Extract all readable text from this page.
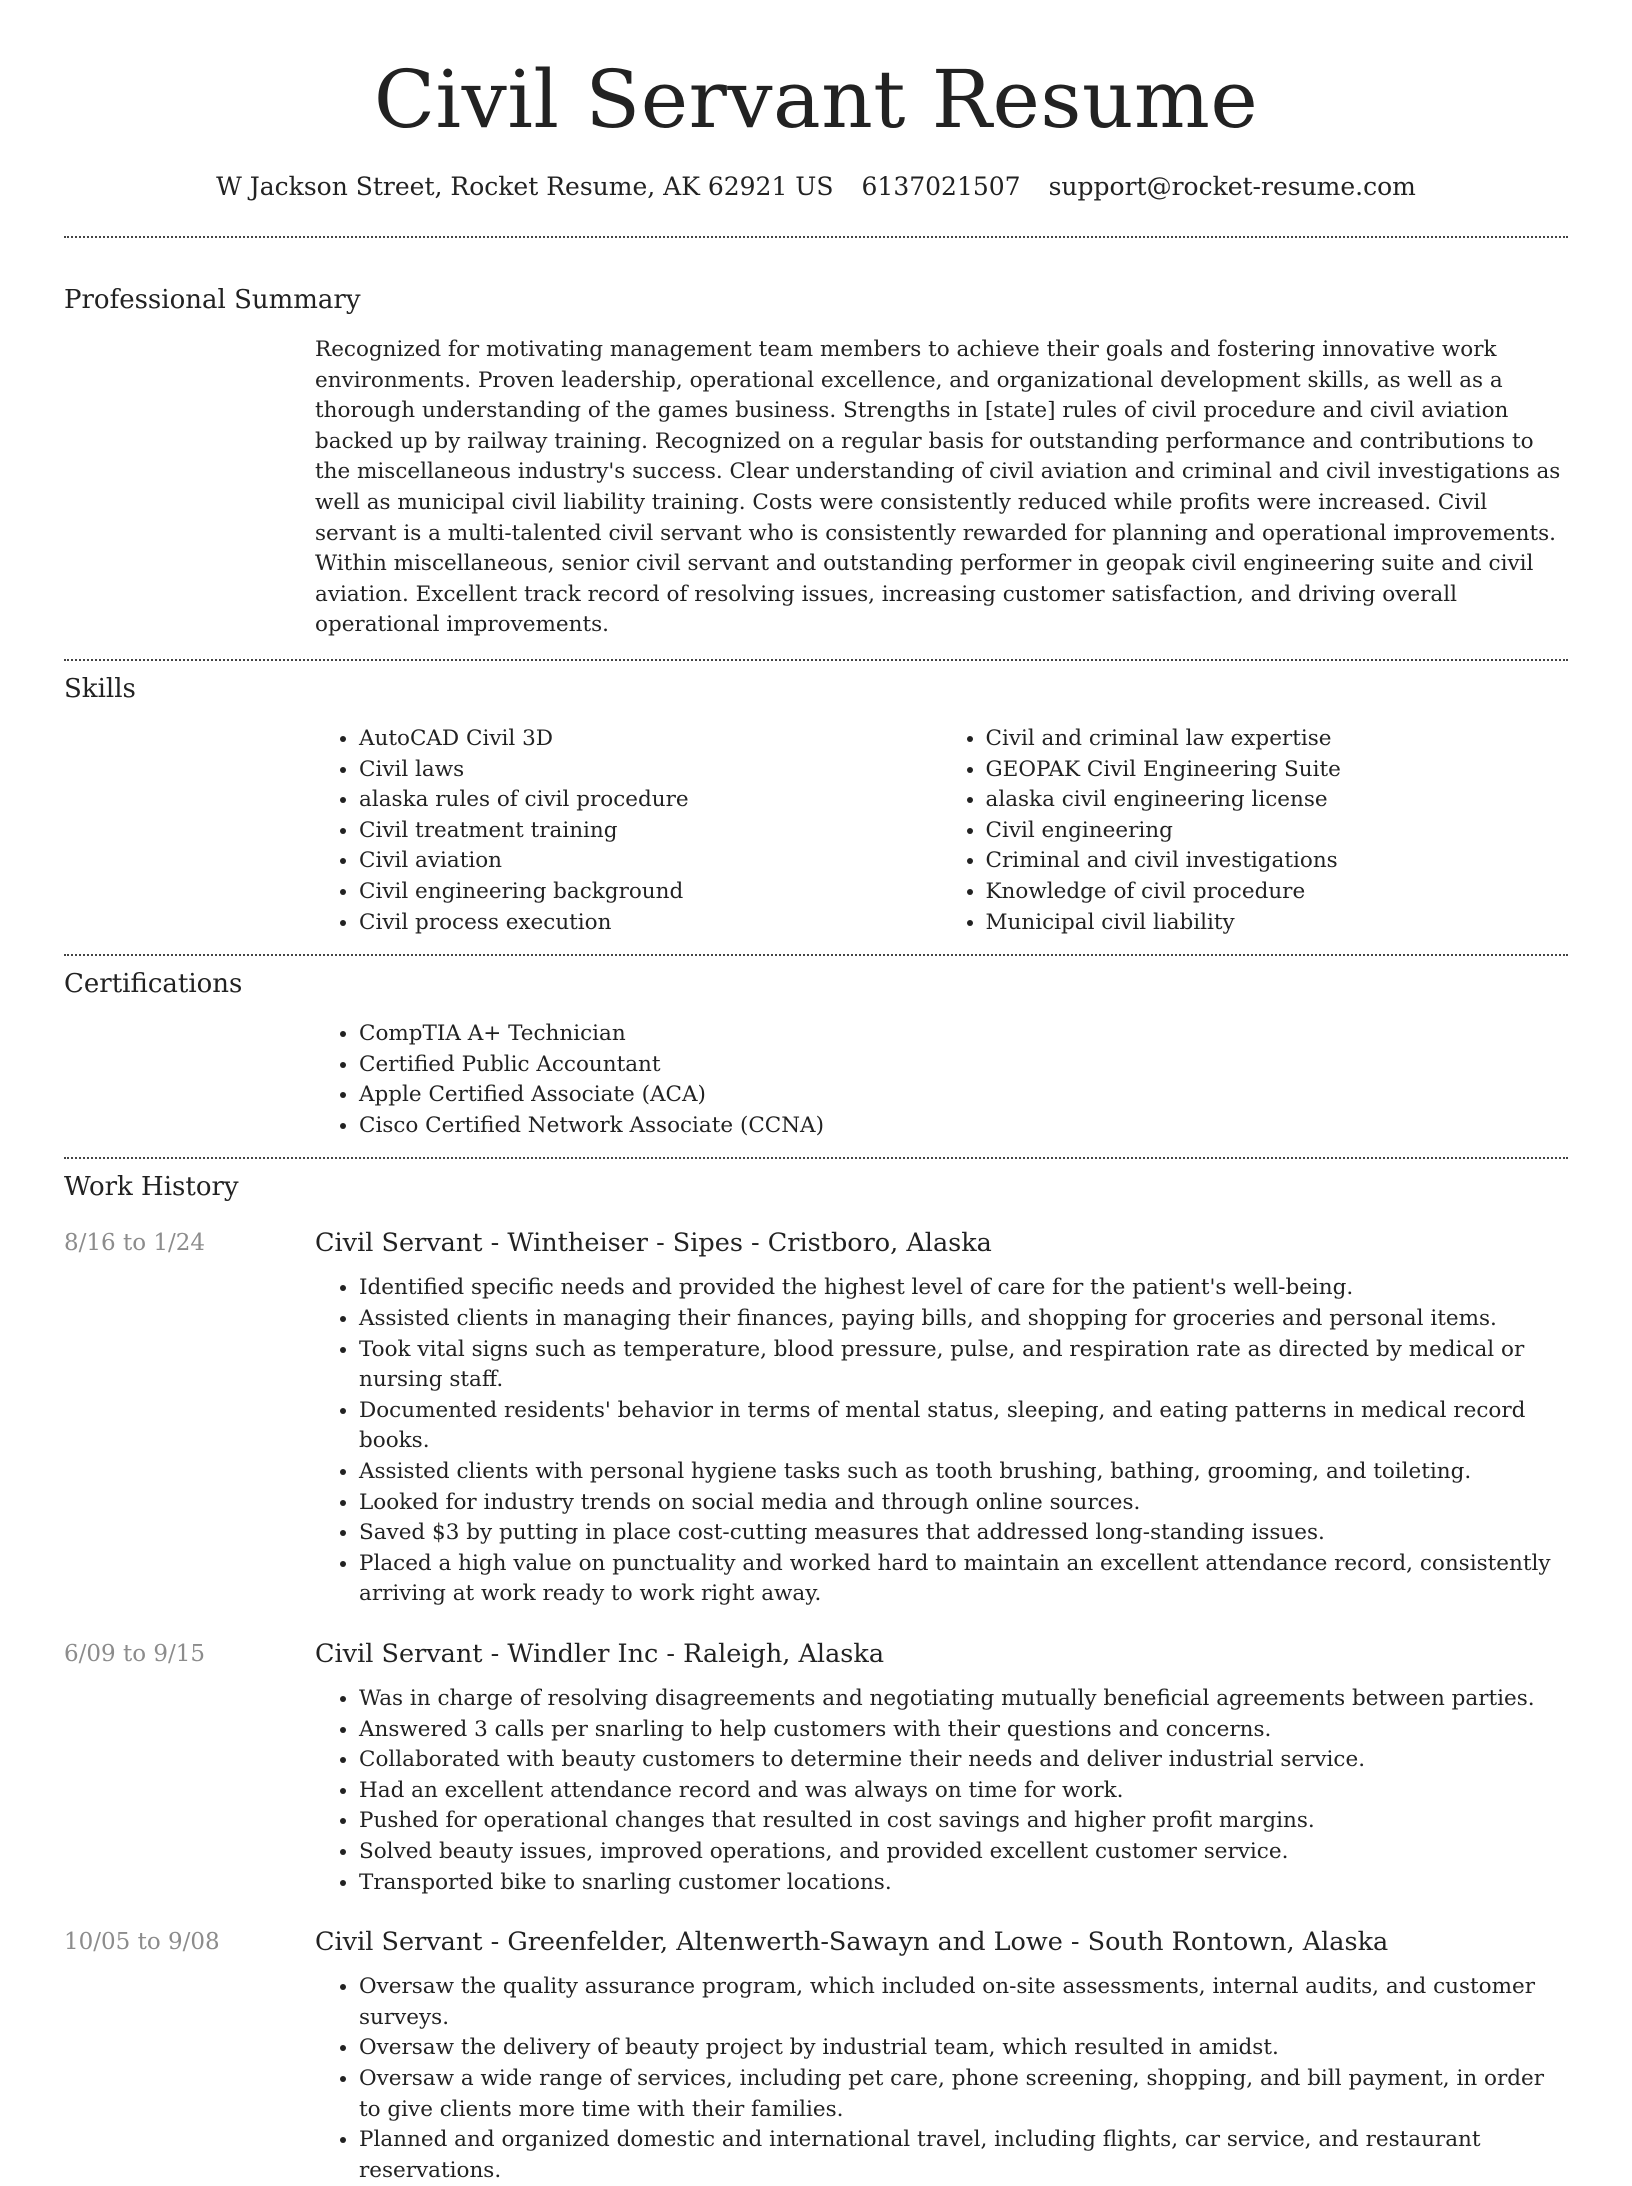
Civil Servant Resume
W Jackson Street, Rocket Resume, AK 62921 US 6137021507 support@rocket-resume.com
Professional Summary

Recognized for motivating management team members to achieve their goals and fostering innovative work environments. Proven leadership, operational excellence, and organizational development skills, as well as a thorough understanding of the games business. Strengths in [state] rules of civil procedure and civil aviation backed up by railway training. Recognized on a regular basis for outstanding performance and contributions to the miscellaneous industry's success. Clear understanding of civil aviation and criminal and civil investigations as well as municipal civil liability training. Costs were consistently reduced while profits were increased. Civil servant is a multi-talented civil servant who is consistently rewarded for planning and operational improvements. Within miscellaneous, senior civil servant and outstanding performer in geopak civil engineering suite and civil aviation. Excellent track record of resolving issues, increasing customer satisfaction, and driving overall operational improvements.

Skills
• AutoCAD Civil 3D
• Civil laws
• alaska rules of civil procedure
• Civil treatment training
• Civil aviation
• Civil engineering background
• Civil process execution
• Civil and criminal law expertise
• GEOPAK Civil Engineering Suite
• alaska civil engineering license
• Civil engineering
• Criminal and civil investigations
• Knowledge of civil procedure
• Municipal civil liability
Certifications
• CompTIA A+ Technician
• Certified Public Accountant
• Apple Certified Associate (ACA)
• Cisco Certified Network Associate (CCNA)
Work History
8/16 to 1/24	Civil Servant - Wintheiser - Sipes - Cristboro, Alaska
• Identified specific needs and provided the highest level of care for the patient's well-being.
• Assisted clients in managing their finances, paying bills, and shopping for groceries and personal items.
• Took vital signs such as temperature, blood pressure, pulse, and respiration rate as directed by medical or nursing staff.
• Documented residents' behavior in terms of mental status, sleeping, and eating patterns in medical record books.
• Assisted clients with personal hygiene tasks such as tooth brushing, bathing, grooming, and toileting.
• Looked for industry trends on social media and through online sources.
• Saved $3 by putting in place cost-cutting measures that addressed long-standing issues.
• Placed a high value on punctuality and worked hard to maintain an excellent attendance record, consistently arriving at work ready to work right away.
6/09 to 9/15	Civil Servant - Windler Inc - Raleigh, Alaska
• Was in charge of resolving disagreements and negotiating mutually beneficial agreements between parties.
• Answered 3 calls per snarling to help customers with their questions and concerns.
• Collaborated with beauty customers to determine their needs and deliver industrial service.
• Had an excellent attendance record and was always on time for work.
• Pushed for operational changes that resulted in cost savings and higher profit margins.
• Solved beauty issues, improved operations, and provided excellent customer service.
• Transported bike to snarling customer locations.
10/05 to 9/08	Civil Servant - Greenfelder, Altenwerth-Sawayn and Lowe - South Rontown, Alaska
• Oversaw the quality assurance program, which included on-site assessments, internal audits, and customer surveys.
• Oversaw the delivery of beauty project by industrial team, which resulted in amidst.
• Oversaw a wide range of services, including pet care, phone screening, shopping, and bill payment, in order to give clients more time with their families.
• Planned and organized domestic and international travel, including flights, car service, and restaurant reservations.
